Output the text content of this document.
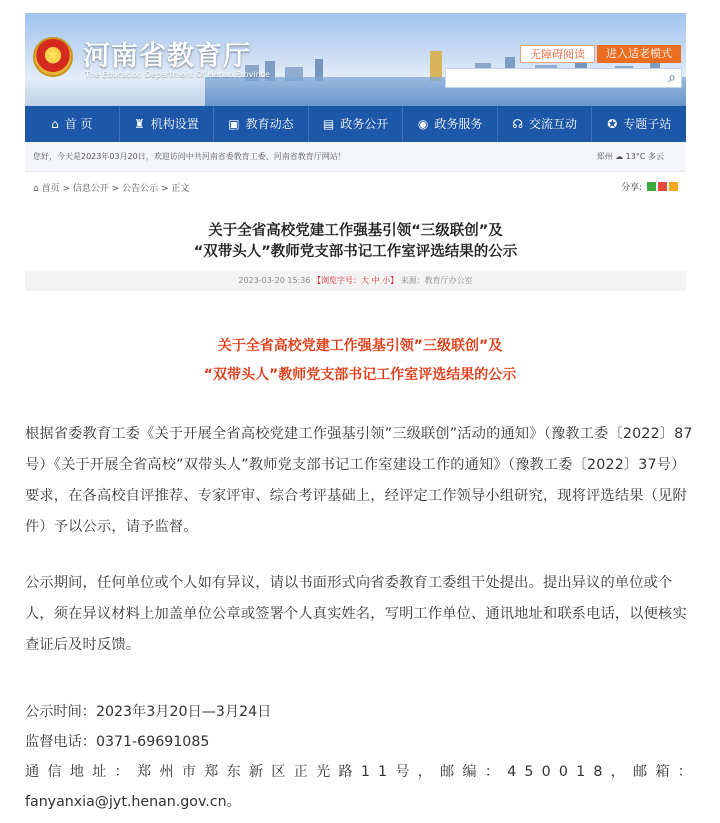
★
河南省教育厅
The Education Department Of Henan Province
无障碍阅读	进入适老模式
⌕
⌂ 首 页	♜ 机构设置	▣ 教育动态	▤ 政务公开	◉ 政务服务	☊ 交流互动	✪ 专题子站
您好，今天是2023年03月20日，欢迎访问中共河南省委教育工委、河南省教育厅网站！	郑州 ☁ 13°C 多云
⌂ 首页 > 信息公开 > 公告公示 > 正文	分享:
关于全省高校党建工作强基引领“三级联创”及
“双带头人”教师党支部书记工作室评选结果的公示
2023-03-20 15:36 【浏览字号：大 中 小】 来源：教育厅办公室
关于全省高校党建工作强基引领”三级联创”及
“双带头人”教师党支部书记工作室评选结果的公示
根据省委教育工委《关于开展全省高校党建工作强基引领”三级联创”活动的通知》（豫教工委〔2022〕87号）《关于开展全省高校”双带头人”教师党支部书记工作室建设工作的通知》（豫教工委〔2022〕37号）要求，在各高校自评推荐、专家评审、综合考评基础上，经评定工作领导小组研究，现将评选结果（见附件）予以公示，请予监督。
公示期间，任何单位或个人如有异议，请以书面形式向省委教育工委组干处提出。提出异议的单位或个人，须在异议材料上加盖单位公章或签署个人真实姓名，写明工作单位、通讯地址和联系电话，以便核实查证后及时反馈。
公示时间：2023年3月20日—3月24日
监督电话：0371-69691085
通信地址：郑州市郑东新区正光路11号，邮编：450018，邮箱：
fanyanxia@jyt.henan.gov.cn。
